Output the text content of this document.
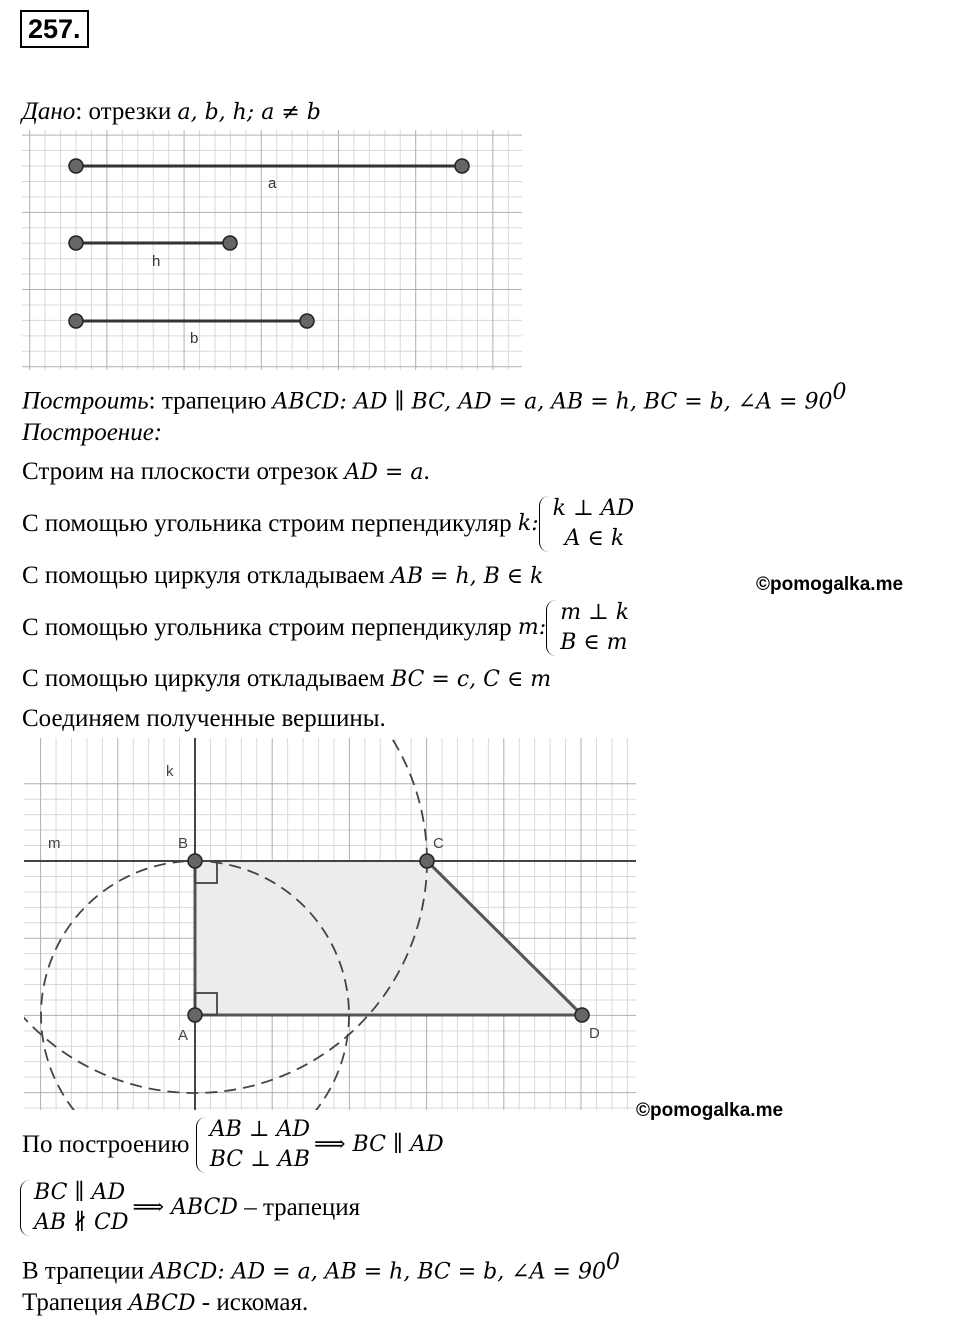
257.
Дано: отрезки a, b, h; a ≠ b
a
h
b
Построить: трапецию ABCD: AD ∥ BC, AD = a, AB = h, BC = b, ∠A = $90^0$
Построение:
Строим на плоскости отрезок AD = a.
С помощью угольника строим перпендикуляр k:
k ⊥ AD
A ∈ k
С помощью циркуля откладываем AB = h, B ∈ k	©pomogalka.me
С помощью угольника строим перпендикуляр m:
m ⊥ k
B ∈ m
С помощью циркуля откладываем BC = c, C ∈ m
Соединяем полученные вершины.
k
m	B	C
A	D
©pomogalka.me
По построению
AB ⊥ AD
BC ⊥ AB
⟹ BC ∥ AD
BC ∥ AD
AB ∦ CD
⟹ ABCD – трапеция
В трапеции ABCD: AD = a, AB = h, BC = b, ∠A = $90^0$
Трапеция ABCD - искомая.
